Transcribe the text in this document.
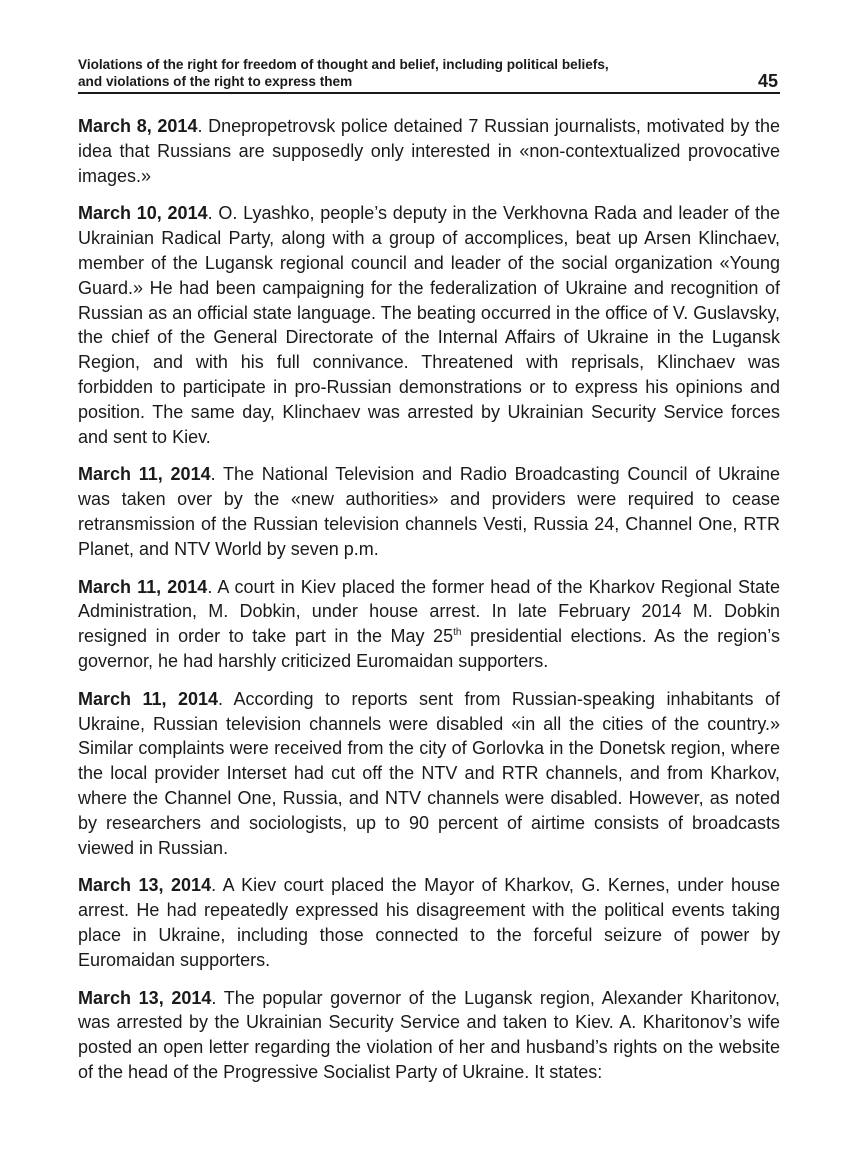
Violations of the right for freedom of thought and belief, including political beliefs,
and violations of the right to express them	45

March 8, 2014. Dnepropetrovsk police detained 7 Russian journalists, motivated by the idea that Russians are supposedly only interested in «non-contextualized provocative images.»

March 10, 2014. O. Lyashko, people’s deputy in the Verkhovna Rada and leader of the Ukrainian Radical Party, along with a group of accomplices, beat up Arsen Klinchaev, member of the Lugansk regional council and leader of the social organization «Young Guard.» He had been campaigning for the federalization of Ukraine and recognition of Russian as an official state language. The beating occurred in the office of V. Guslavsky, the chief of the General Directorate of the Internal Affairs of Ukraine in the Lugansk Region, and with his full connivance. Threatened with reprisals, Klinchaev was forbidden to participate in pro-Russian demonstrations or to express his opinions and position. The same day, Klinchaev was arrested by Ukrainian Security Service forces and sent to Kiev.

March 11, 2014. The National Television and Radio Broadcasting Council of Ukraine was taken over by the «new authorities» and providers were required to cease retransmission of the Russian television channels Vesti, Russia 24, Channel One, RTR Planet, and NTV World by seven p.m.

March 11, 2014. A court in Kiev placed the former head of the Kharkov Regional State Administration, M. Dobkin, under house arrest. In late February 2014 M. Dobkin resigned in order to take part in the May 25th presidential elections. As the region’s governor, he had harshly criticized Euromaidan supporters.

March 11, 2014. According to reports sent from Russian-speaking inhabitants of Ukraine, Russian television channels were disabled «in all the cities of the country.» Similar complaints were received from the city of Gorlovka in the Donetsk region, where the local provider Interset had cut off the NTV and RTR channels, and from Kharkov, where the Channel One, Russia, and NTV channels were disabled. However, as noted by researchers and sociologists, up to 90 percent of airtime consists of broadcasts viewed in Russian.

March 13, 2014. A Kiev court placed the Mayor of Kharkov, G. Kernes, under house arrest. He had repeatedly expressed his disagreement with the political events taking place in Ukraine, including those connected to the forceful seizure of power by Euromaidan supporters.

March 13, 2014. The popular governor of the Lugansk region, Alexander Kharitonov, was arrested by the Ukrainian Security Service and taken to Kiev. A. Kharitonov’s wife posted an open letter regarding the violation of her and husband’s rights on the website of the head of the Progressive Socialist Party of Ukraine. It states:
